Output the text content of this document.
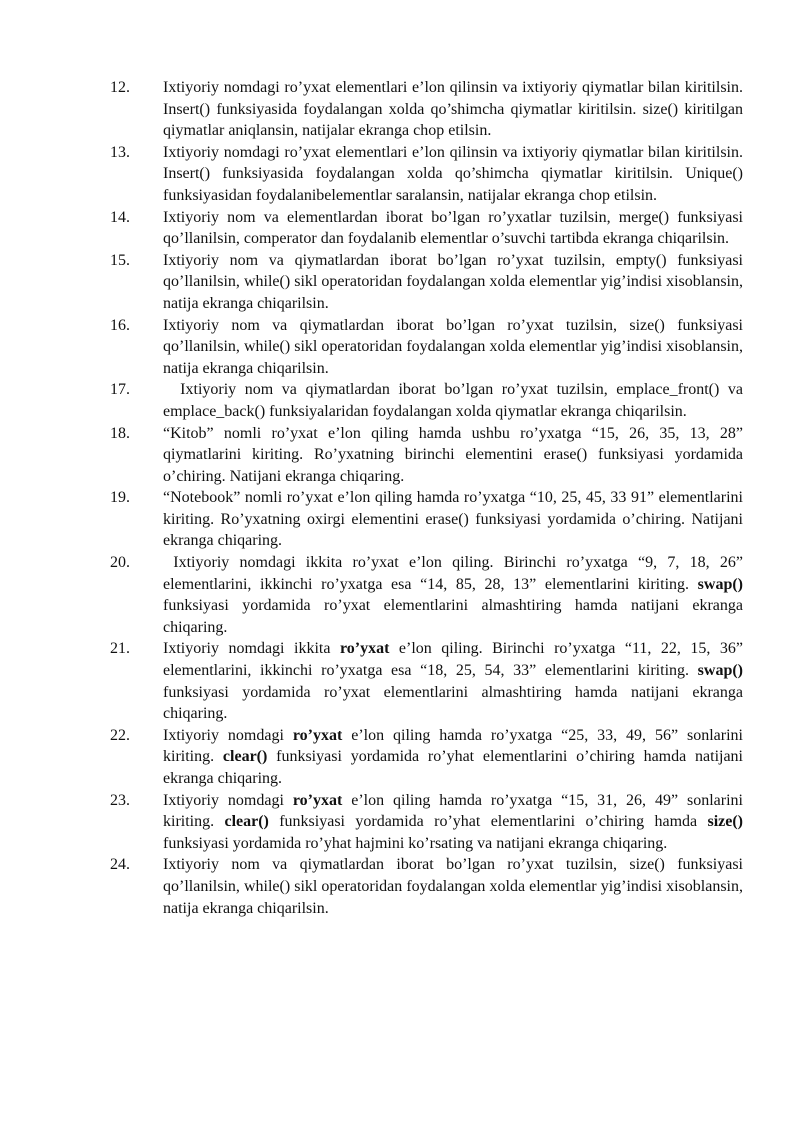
12.	Ixtiyoriy nomdagi ro’yxat elementlari e’lon qilinsin va ixtiyoriy qiymatlar bilan kiritilsin. Insert() funksiyasida foydalangan xolda qo’shimcha qiymatlar kiritilsin. size() kiritilgan qiymatlar aniqlansin, natijalar ekranga chop etilsin.
13.	Ixtiyoriy nomdagi ro’yxat elementlari e’lon qilinsin va ixtiyoriy qiymatlar bilan kiritilsin. Insert() funksiyasida foydalangan xolda qo’shimcha qiymatlar kiritilsin. Unique() funksiyasidan foydalanibelementlar saralansin, natijalar ekranga chop etilsin.
14.	Ixtiyoriy nom va elementlardan iborat bo’lgan ro’yxatlar tuzilsin, merge() funksiyasi qo’llanilsin, comperator dan foydalanib elementlar o’suvchi tartibda ekranga chiqarilsin.
15.	Ixtiyoriy nom va qiymatlardan iborat bo’lgan ro’yxat tuzilsin, empty() funksiyasi qo’llanilsin, while() sikl operatoridan foydalangan xolda elementlar yig’indisi xisoblansin, natija ekranga chiqarilsin.
16.	Ixtiyoriy nom va qiymatlardan iborat bo’lgan ro’yxat tuzilsin, size() funksiyasi qo’llanilsin, while() sikl operatoridan foydalangan xolda elementlar yig’indisi xisoblansin, natija ekranga chiqarilsin.
17.	Ixtiyoriy nom va qiymatlardan iborat bo’lgan ro’yxat tuzilsin, emplace_front() va emplace_back() funksiyalaridan foydalangan xolda qiymatlar ekranga chiqarilsin.
18.	“Kitob” nomli ro’yxat e’lon qiling hamda ushbu ro’yxatga “15, 26, 35, 13, 28” qiymatlarini kiriting. Ro’yxatning birinchi elementini erase() funksiyasi yordamida o’chiring. Natijani ekranga chiqaring.
19.	“Notebook” nomli ro’yxat e’lon qiling hamda ro’yxatga “10, 25, 45, 33 91” elementlarini kiriting. Ro’yxatning oxirgi elementini erase() funksiyasi yordamida o’chiring. Natijani ekranga chiqaring.
20.	Ixtiyoriy nomdagi ikkita ro’yxat e’lon qiling. Birinchi ro’yxatga “9, 7, 18, 26” elementlarini, ikkinchi ro’yxatga esa “14, 85, 28, 13” elementlarini kiriting. swap() funksiyasi yordamida ro’yxat elementlarini almashtiring hamda natijani ekranga chiqaring.
21.	Ixtiyoriy nomdagi ikkita ro’yxat e’lon qiling. Birinchi ro’yxatga “11, 22, 15, 36” elementlarini, ikkinchi ro’yxatga esa “18, 25, 54, 33” elementlarini kiriting. swap() funksiyasi yordamida ro’yxat elementlarini almashtiring hamda natijani ekranga chiqaring.
22.	Ixtiyoriy nomdagi ro’yxat e’lon qiling hamda ro’yxatga “25, 33, 49, 56” sonlarini kiriting. clear() funksiyasi yordamida ro’yhat elementlarini o’chiring hamda natijani ekranga chiqaring.
23.	Ixtiyoriy nomdagi ro’yxat e’lon qiling hamda ro’yxatga “15, 31, 26, 49” sonlarini kiriting. clear() funksiyasi yordamida ro’yhat elementlarini o’chiring hamda size() funksiyasi yordamida ro’yhat hajmini ko’rsating va natijani ekranga chiqaring.
24.	Ixtiyoriy nom va qiymatlardan iborat bo’lgan ro’yxat tuzilsin, size() funksiyasi qo’llanilsin, while() sikl operatoridan foydalangan xolda elementlar yig’indisi xisoblansin, natija ekranga chiqarilsin.
